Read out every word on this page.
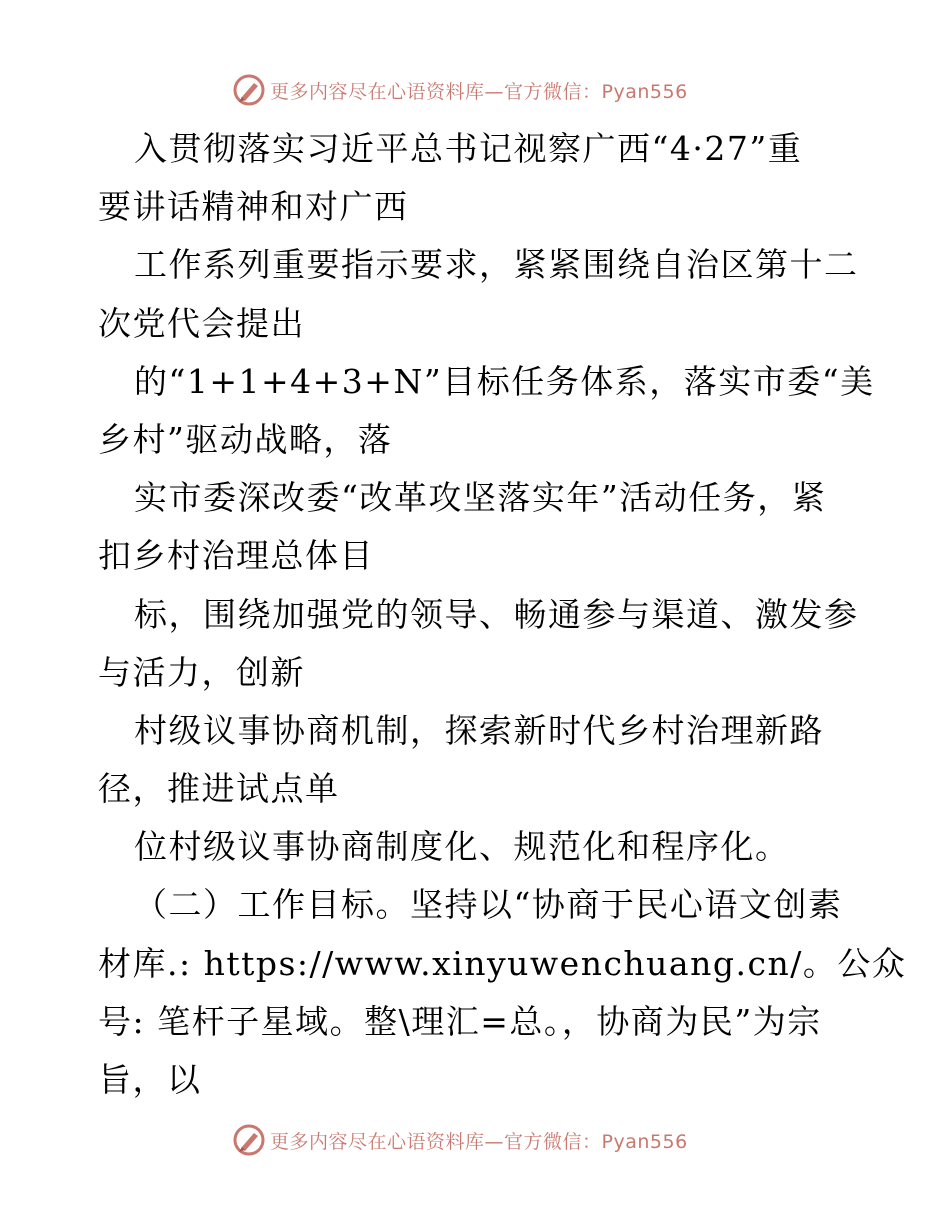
更多内容尽在心语资料库—官方微信：Pyan556
入贯彻落实习近平总书记视察广西“4·27”重
要讲话精神和对广西
工作系列重要指示要求，紧紧围绕自治区第十二
次党代会提出
的“1+1+4+3+N”目标任务体系，落实市委“美
乡村”驱动战略，落
实市委深改委“改革攻坚落实年”活动任务，紧
扣乡村治理总体目
标，围绕加强党的领导、畅通参与渠道、激发参
与活力，创新
村级议事协商机制，探索新时代乡村治理新路
径，推进试点单
位村级议事协商制度化、规范化和程序化。
（二）工作目标。坚持以“协商于民心语文创素
材库.: https://www.xinyuwenchuang.cn/。公众
号: 笔杆子星域。整\理汇=总。，协商为民”为宗
旨，以
更多内容尽在心语资料库—官方微信：Pyan556
